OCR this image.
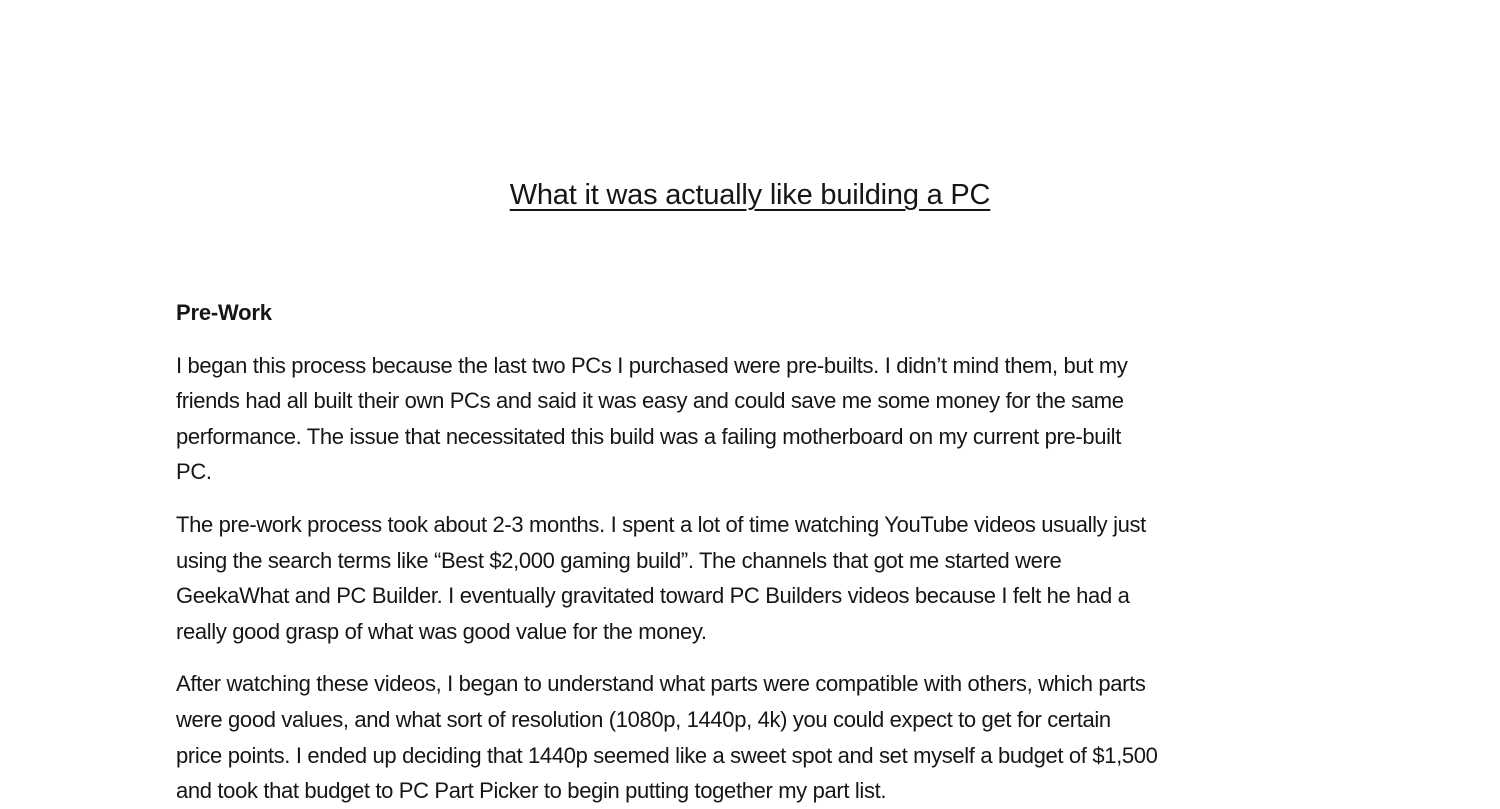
What it was actually like building a PC
Pre-Work
I began this process because the last two PCs I purchased were pre-builts. I didn’t mind them, but my
friends had all built their own PCs and said it was easy and could save me some money for the same
performance. The issue that necessitated this build was a failing motherboard on my current pre-built
PC.
The pre-work process took about 2-3 months. I spent a lot of time watching YouTube videos usually just
using the search terms like “Best $2,000 gaming build”. The channels that got me started were
GeekaWhat and PC Builder. I eventually gravitated toward PC Builders videos because I felt he had a
really good grasp of what was good value for the money.
After watching these videos, I began to understand what parts were compatible with others, which parts
were good values, and what sort of resolution (1080p, 1440p, 4k) you could expect to get for certain
price points. I ended up deciding that 1440p seemed like a sweet spot and set myself a budget of $1,500
and took that budget to PC Part Picker to begin putting together my part list.
